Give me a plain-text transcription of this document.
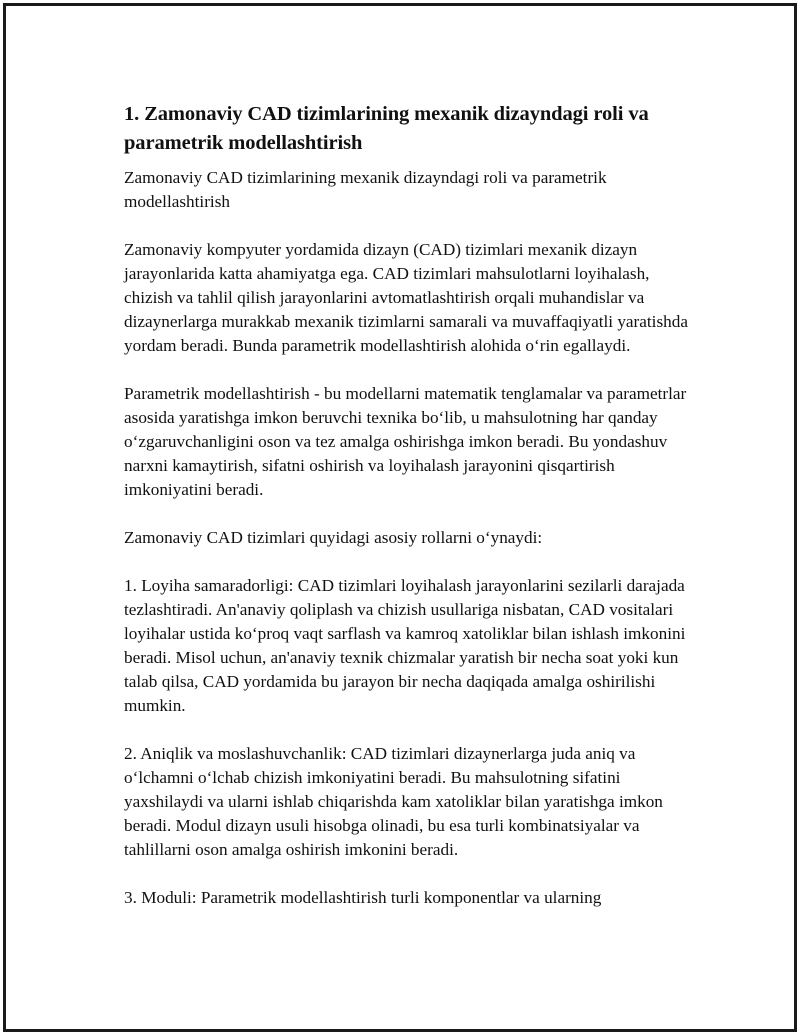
1. Zamonaviy CAD tizimlarining mexanik dizayndagi roli va parametrik modellashtirish

Zamonaviy CAD tizimlarining mexanik dizayndagi roli va parametrik modellashtirish

Zamonaviy kompyuter yordamida dizayn (CAD) tizimlari mexanik dizayn jarayonlarida katta ahamiyatga ega. CAD tizimlari mahsulotlarni loyihalash, chizish va tahlil qilish jarayonlarini avtomatlashtirish orqali muhandislar va dizaynerlarga murakkab mexanik tizimlarni samarali va muvaffaqiyatli yaratishda yordam beradi. Bunda parametrik modellashtirish alohida o‘rin egallaydi.

Parametrik modellashtirish - bu modellarni matematik tenglamalar va parametrlar asosida yaratishga imkon beruvchi texnika bo‘lib, u mahsulotning har qanday o‘zgaruvchanligini oson va tez amalga oshirishga imkon beradi. Bu yondashuv narxni kamaytirish, sifatni oshirish va loyihalash jarayonini qisqartirish imkoniyatini beradi.

Zamonaviy CAD tizimlari quyidagi asosiy rollarni o‘ynaydi:

1. Loyiha samaradorligi: CAD tizimlari loyihalash jarayonlarini sezilarli darajada tezlashtiradi. An'anaviy qoliplash va chizish usullariga nisbatan, CAD vositalari loyihalar ustida ko‘proq vaqt sarflash va kamroq xatoliklar bilan ishlash imkonini beradi. Misol uchun, an'anaviy texnik chizmalar yaratish bir necha soat yoki kun talab qilsa, CAD yordamida bu jarayon bir necha daqiqada amalga oshirilishi mumkin.

2. Aniqlik va moslashuvchanlik: CAD tizimlari dizaynerlarga juda aniq va o‘lchamni o‘lchab chizish imkoniyatini beradi. Bu mahsulotning sifatini yaxshilaydi va ularni ishlab chiqarishda kam xatoliklar bilan yaratishga imkon beradi. Modul dizayn usuli hisobga olinadi, bu esa turli kombinatsiyalar va tahlillarni oson amalga oshirish imkonini beradi.

3. Moduli: Parametrik modellashtirish turli komponentlar va ularning
